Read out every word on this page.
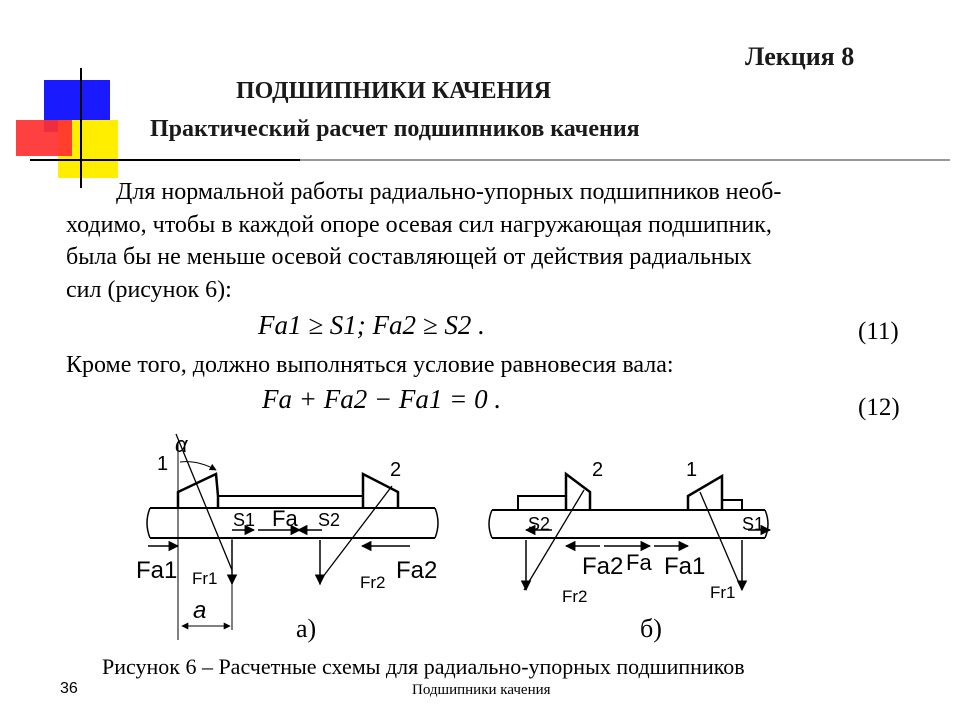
Лекция 8
ПОДШИПНИКИ КАЧЕНИЯ
Практический расчет подшипников качения
Для нормальной работы радиально-упорных подшипников необ-
ходимо, чтобы в каждой опоре осевая сил нагружающая подшипник,
была бы не меньше осевой составляющей от действия радиальных
сил (рисунок 6):
Fa1 ≥ S1; Fa2 ≥ S2 .	(11)
Кроме того, должно выполняться условие равновесия вала:
Fa + Fa2 − Fa1 = 0 .	(12)
α
1	2
S1 Fa S2
Fa1 Fr1	Fr2 Fa2
a
2	1
S2	S1
Fa2 Fa Fa1
Fr2	Fr1
а)	б)
Рисунок 6 – Расчетные схемы для радиально-упорных подшипников
36	Подшипники качения
